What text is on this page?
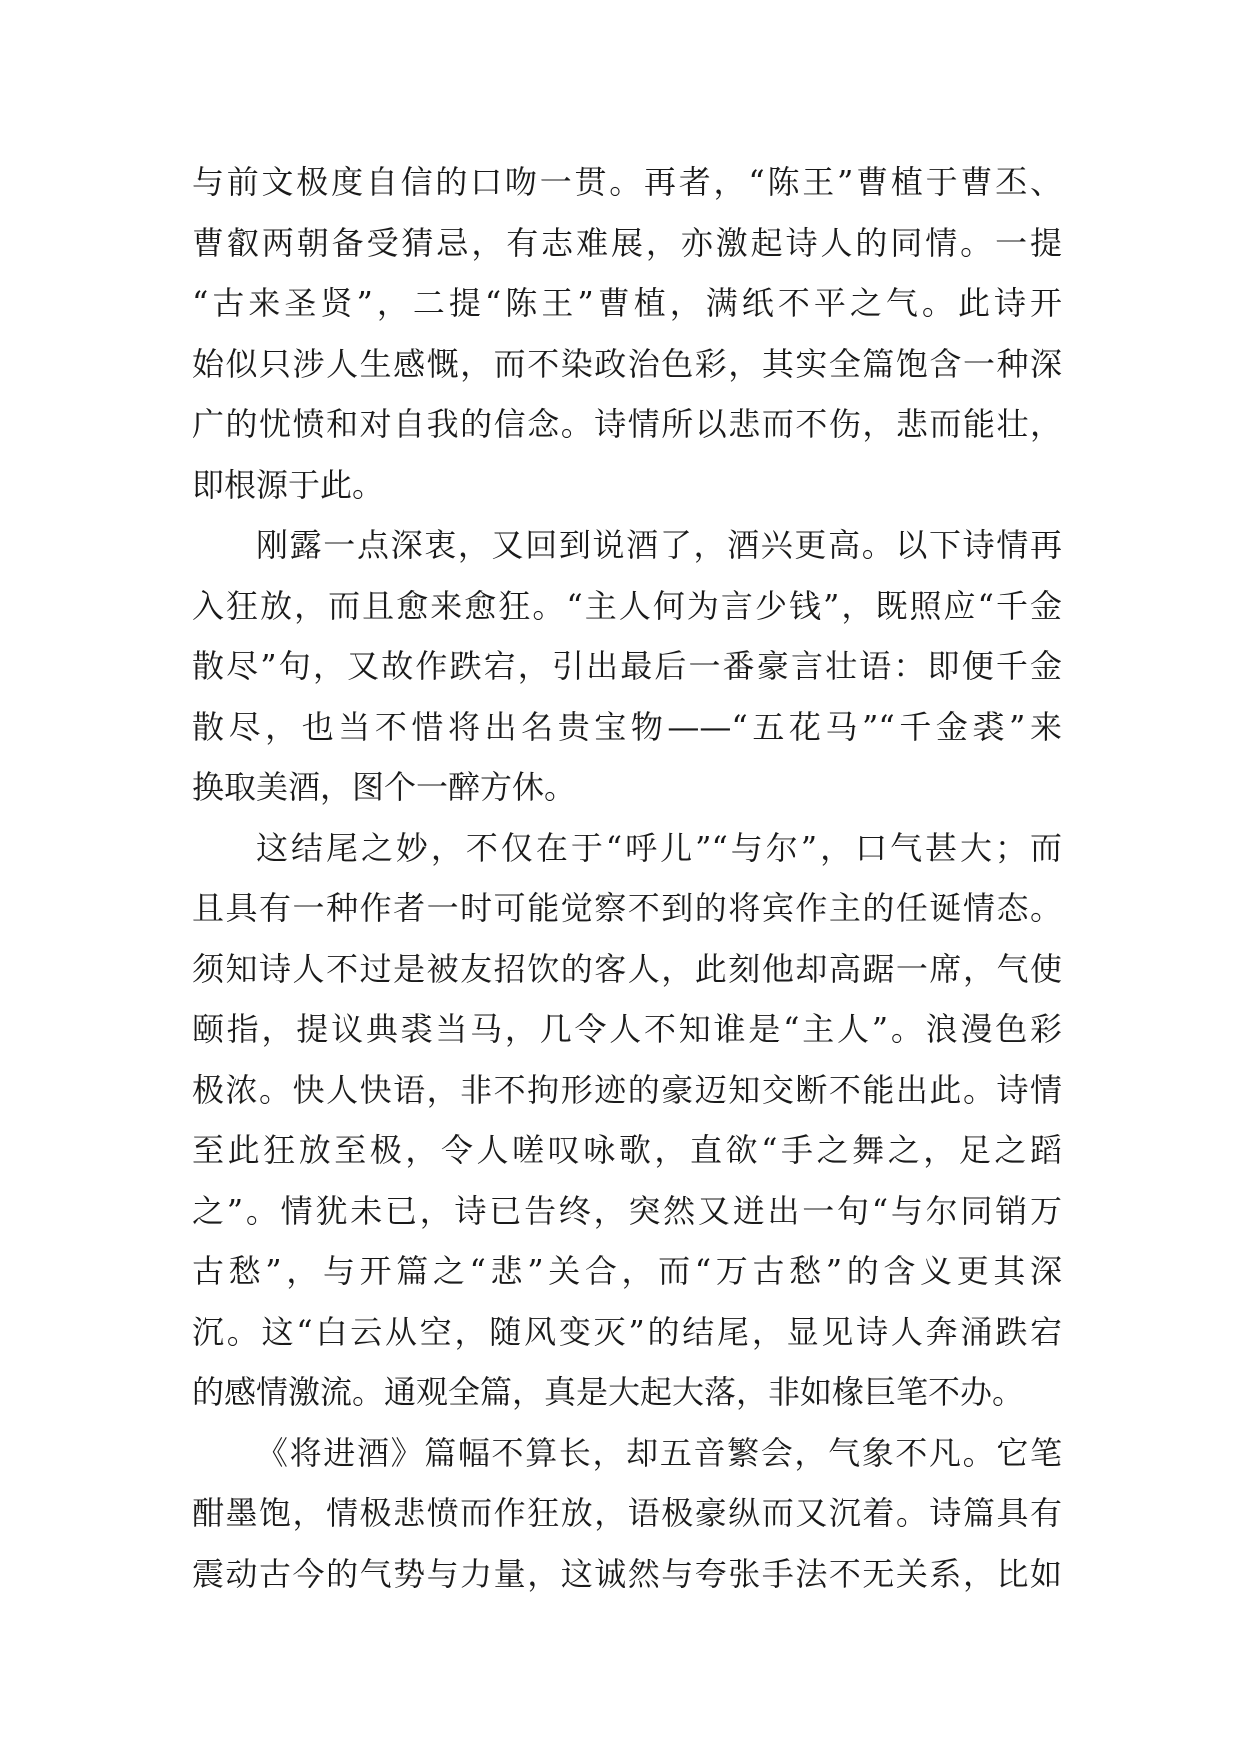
与前文极度自信的口吻一贯。再者，“陈王”曹植于曹丕、
曹叡两朝备受猜忌，有志难展，亦激起诗人的同情。一提
“古来圣贤”，二提“陈王”曹植，满纸不平之气。此诗开
始似只涉人生感慨，而不染政治色彩，其实全篇饱含一种深
广的忧愤和对自我的信念。诗情所以悲而不伤，悲而能壮，
即根源于此。
刚露一点深衷，又回到说酒了，酒兴更高。以下诗情再
入狂放，而且愈来愈狂。“主人何为言少钱”，既照应“千金
散尽”句，又故作跌宕，引出最后一番豪言壮语：即便千金
散尽，也当不惜将出名贵宝物——“五花马”“千金裘”来
换取美酒，图个一醉方休。
这结尾之妙，不仅在于“呼儿”“与尔”，口气甚大；而
且具有一种作者一时可能觉察不到的将宾作主的任诞情态。
须知诗人不过是被友招饮的客人，此刻他却高踞一席，气使
颐指，提议典裘当马，几令人不知谁是“主人”。浪漫色彩
极浓。快人快语，非不拘形迹的豪迈知交断不能出此。诗情
至此狂放至极，令人嗟叹咏歌，直欲“手之舞之，足之蹈
之”。情犹未已，诗已告终，突然又迸出一句“与尔同销万
古愁”，与开篇之“悲”关合，而“万古愁”的含义更其深
沉。这“白云从空，随风变灭”的结尾，显见诗人奔涌跌宕
的感情激流。通观全篇，真是大起大落，非如椽巨笔不办。
《将进酒》篇幅不算长，却五音繁会，气象不凡。它笔
酣墨饱，情极悲愤而作狂放，语极豪纵而又沉着。诗篇具有
震动古今的气势与力量，这诚然与夸张手法不无关系，比如
